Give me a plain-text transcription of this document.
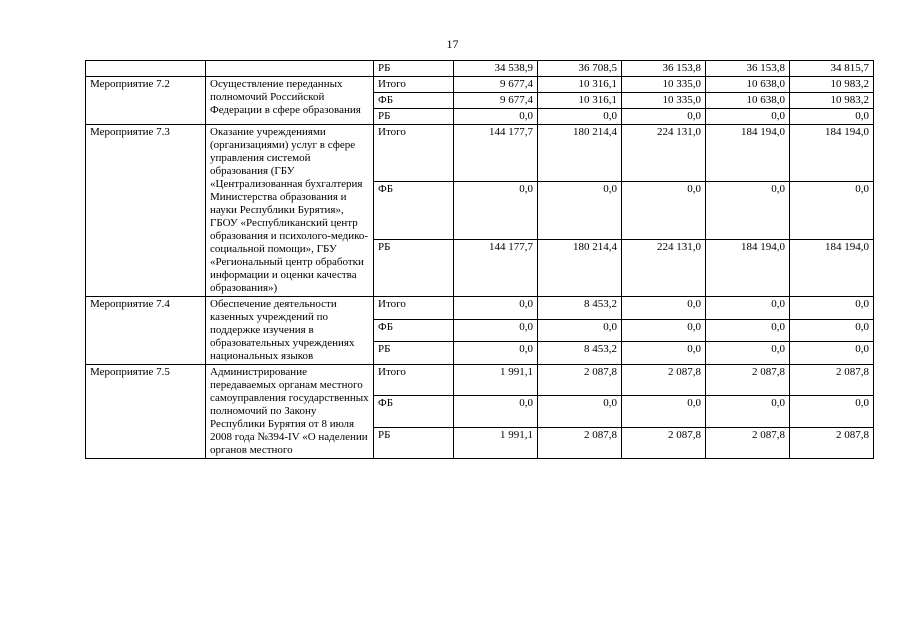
17
		РБ	34 538,9	36 708,5	36 153,8	36 153,8	34 815,7
Мероприятие 7.2	Осуществление переданных полномочий Российской Федерации в сфере образования	Итого	9 677,4	10 316,1	10 335,0	10 638,0	10 983,2
		ФБ	9 677,4	10 316,1	10 335,0	10 638,0	10 983,2
		РБ	0,0	0,0	0,0	0,0	0,0
Мероприятие 7.3	Оказание учреждениями (организациями) услуг в сфере управления системой образования (ГБУ «Централизованная бухгалтерия Министерства образования и науки Республики Бурятия», ГБОУ «Республиканский центр образования и психолого-медико-социальной помощи», ГБУ «Региональный центр обработки информации и оценки качества образования»)	Итого	144 177,7	180 214,4	224 131,0	184 194,0	184 194,0
		ФБ	0,0	0,0	0,0	0,0	0,0
		РБ	144 177,7	180 214,4	224 131,0	184 194,0	184 194,0
Мероприятие 7.4	Обеспечение деятельности казенных учреждений по поддержке изучения в образовательных учреждениях национальных языков	Итого	0,0	8 453,2	0,0	0,0	0,0
		ФБ	0,0	0,0	0,0	0,0	0,0
		РБ	0,0	8 453,2	0,0	0,0	0,0
Мероприятие 7.5	Администрирование передаваемых органам местного самоуправления государственных полномочий по Закону Республики Бурятия от 8 июля 2008 года №394-IV «О наделении органов местного	Итого	1 991,1	2 087,8	2 087,8	2 087,8	2 087,8
		ФБ	0,0	0,0	0,0	0,0	0,0
		РБ	1 991,1	2 087,8	2 087,8	2 087,8	2 087,8
